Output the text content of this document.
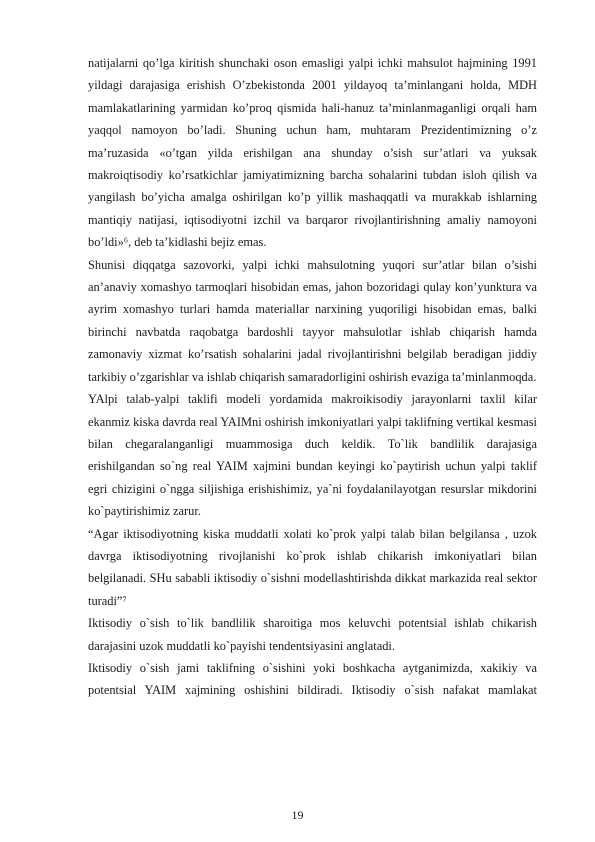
natijalarni qo’lga kiritish shunchaki oson emasligi yalpi ichki mahsulot hajmining 1991 yildagi darajasiga erishish O’zbekistonda 2001 yildayoq ta’minlangani holda, MDH mamlakatlarining yarmidan ko’proq qismida hali-hanuz ta’minlanmaganligi orqali ham yaqqol namoyon bo’ladi. Shuning uchun ham, muhtaram Prezidentimizning o’z ma’ruzasida «o’tgan yilda erishilgan ana shunday o’sish sur’atlari va yuksak makroiqtisodiy ko’rsatkichlar jamiyatimizning barcha sohalarini tubdan isloh qilish va yangilash bo’yicha amalga oshirilgan ko’p yillik mashaqqatli va murakkab ishlarning mantiqiy natijasi, iqtisodiyotni izchil va barqaror rivojlantirishning amaliy namoyoni bo’ldi»⁶, deb ta’kidlashi bejiz emas.

Shunisi diqqatga sazovorki, yalpi ichki mahsulotning yuqori sur’atlar bilan o’sishi an’anaviy xomashyo tarmoqlari hisobidan emas, jahon bozoridagi qulay kon’yunktura va ayrim xomashyo turlari hamda materiallar narxining yuqoriligi hisobidan emas, balki birinchi navbatda raqobatga bardoshli tayyor mahsulotlar ishlab chiqarish hamda zamonaviy xizmat ko’rsatish sohalarini jadal rivojlantirishni belgilab beradigan jiddiy tarkibiy o’zgarishlar va ishlab chiqarish samaradorligini oshirish evaziga ta’minlanmoqda.

YAlpi talab-yalpi taklifi modeli yordamida makroikisodiy jarayonlarni taxlil kilar ekanmiz kiska davrda real YAIMni oshirish imkoniyatlari yalpi taklifning vertikal kesmasi bilan chegaralanganligi muammosiga duch keldik. To`lik bandlilik darajasiga erishilgandan so`ng real YAIM xajmini bundan keyingi ko`paytirish uchun yalpi taklif egri chizigini o`ngga siljishiga erishishimiz, ya`ni foydalanilayotgan resurslar mikdorini ko`paytirishimiz zarur.

“Agar iktisodiyotning kiska muddatli xolati ko`prok yalpi talab bilan belgilansa , uzok davrga iktisodiyotning rivojlanishi ko`prok ishlab chikarish imkoniyatlari bilan belgilanadi. SHu sababli iktisodiy o`sishni modellashtirishda dikkat markazida real sektor turadi”⁷

Iktisodiy o`sish to`lik bandlilik sharoitiga mos keluvchi potentsial ishlab chikarish darajasini uzok muddatli ko`payishi tendentsiyasini anglatadi.

Iktisodiy o`sish jami taklifning o`sishini yoki boshkacha aytganimizda, xakikiy va potentsial YAIM xajmining oshishini bildiradi. Iktisodiy o`sish nafakat mamlakat

19
